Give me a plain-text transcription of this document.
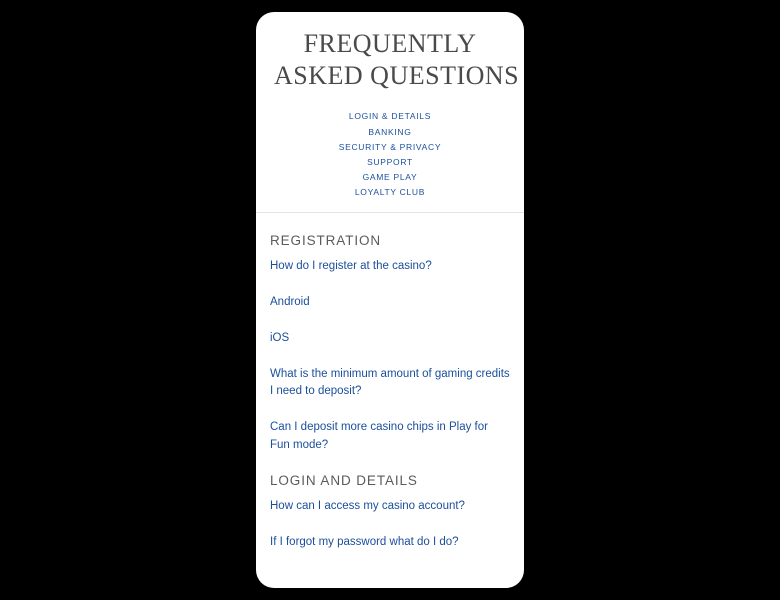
FREQUENTLY
ASKED QUESTIONS
LOGIN & DETAILS
BANKING
SECURITY & PRIVACY
SUPPORT
GAME PLAY
LOYALTY CLUB
REGISTRATION
How do I register at the casino?
Android
iOS
What is the minimum amount of gaming credits I need to deposit?
Can I deposit more casino chips in Play for Fun mode?
LOGIN AND DETAILS
How can I access my casino account?
If I forgot my password what do I do?
